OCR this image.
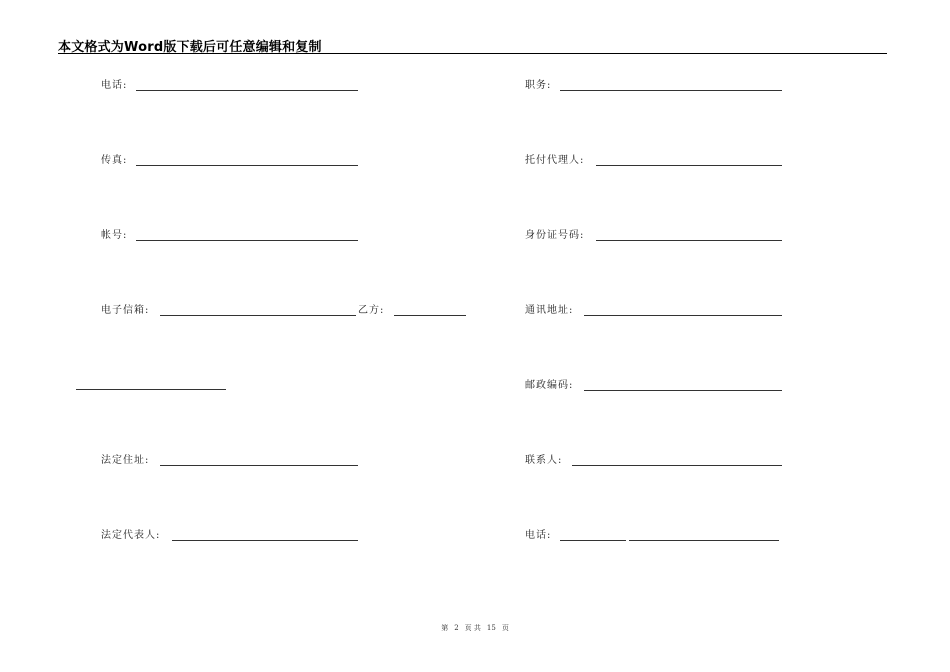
本文格式为Word版下载后可任意编辑和复制
电话:
传真:
帐号:
电子信箱:	乙方:
法定住址:
法定代表人:
职务:
托付代理人:
身份证号码:
通讯地址:
邮政编码:
联系人:
电话:
第 2 页 共 15 页
